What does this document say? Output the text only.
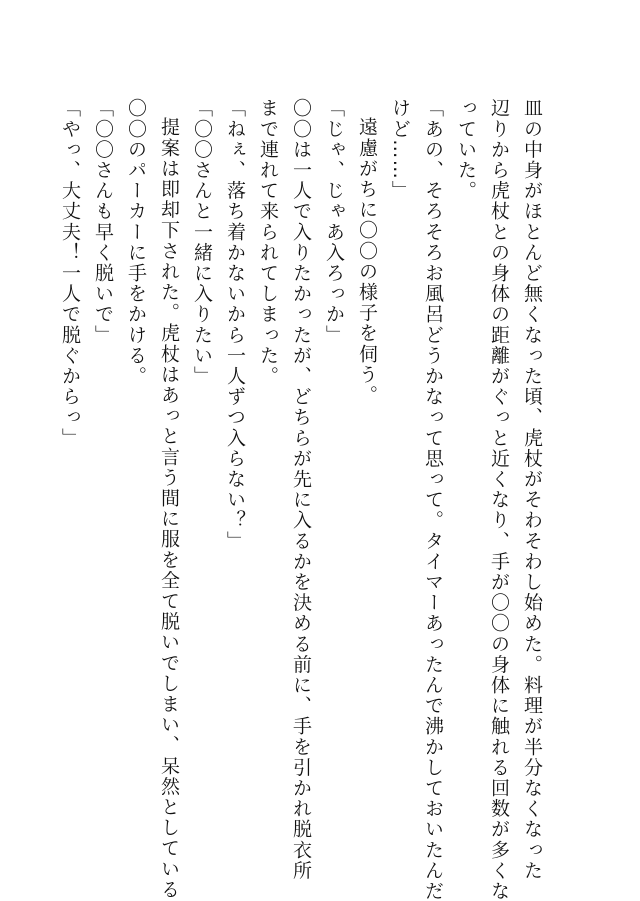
皿の中身がほとんど無くなった頃、虎杖がそわそわし始めた。料理が半分なくなった

辺りから虎杖との身体の距離がぐっと近くなり、手が〇〇の身体に触れる回数が多くな

っていた。

「あの、そろそろお風呂どうかなって思って。タイマーあったんで沸かしておいたんだ

けど……」

遠慮がちに〇〇の様子を伺う。

「じゃ、じゃあ入ろっか」

〇〇は一人で入りたかったが、どちらが先に入るかを決める前に、手を引かれ脱衣所

まで連れて来られてしまった。

「ねぇ、落ち着かないから一人ずつ入らない？」

「〇〇さんと一緒に入りたい」

提案は即却下された。虎杖はあっと言う間に服を全て脱いでしまい、呆然としている

〇〇のパーカーに手をかける。

「〇〇さんも早く脱いで」

「やっ、大丈夫！一人で脱ぐからっ」
